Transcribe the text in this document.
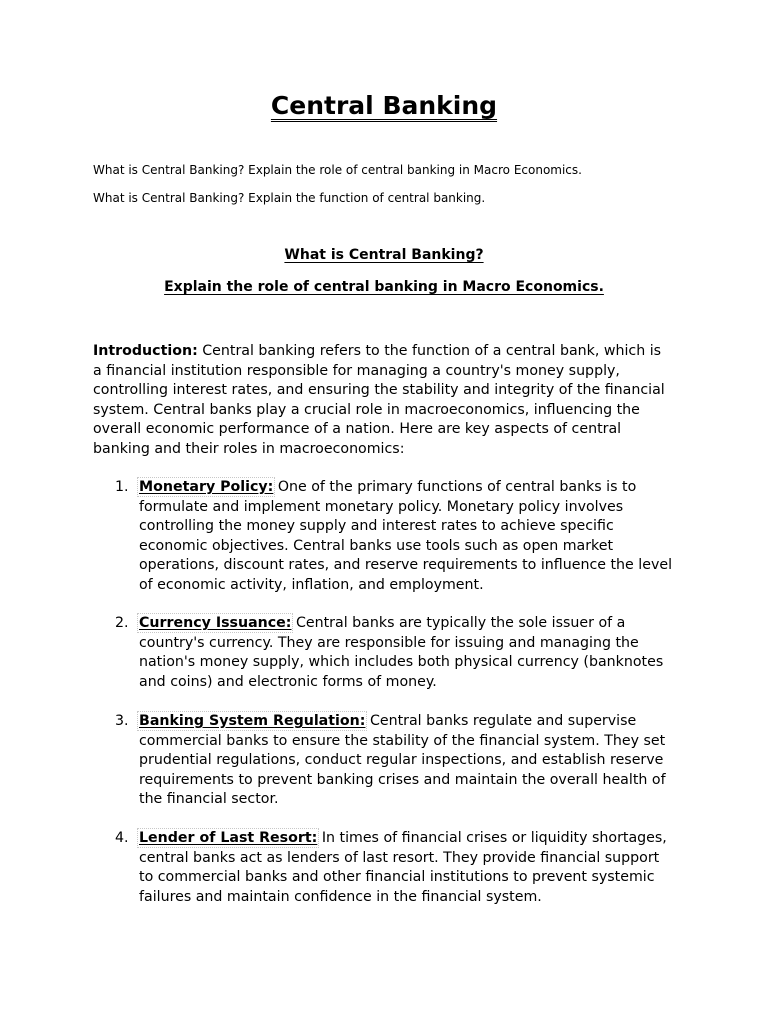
Central Banking
What is Central Banking? Explain the role of central banking in Macro Economics.
What is Central Banking? Explain the function of central banking.
What is Central Banking?
Explain the role of central banking in Macro Economics.

Introduction: Central banking refers to the function of a central bank, which is a financial institution responsible for managing a country's money supply, controlling interest rates, and ensuring the stability and integrity of the financial system. Central banks play a crucial role in macroeconomics, influencing the overall economic performance of a nation. Here are key aspects of central banking and their roles in macroeconomics:

1. Monetary Policy: One of the primary functions of central banks is to formulate and implement monetary policy. Monetary policy involves controlling the money supply and interest rates to achieve specific economic objectives. Central banks use tools such as open market operations, discount rates, and reserve requirements to influence the level of economic activity, inflation, and employment.
2. Currency Issuance: Central banks are typically the sole issuer of a country's currency. They are responsible for issuing and managing the nation's money supply, which includes both physical currency (banknotes and coins) and electronic forms of money.
3. Banking System Regulation: Central banks regulate and supervise commercial banks to ensure the stability of the financial system. They set prudential regulations, conduct regular inspections, and establish reserve requirements to prevent banking crises and maintain the overall health of the financial sector.
4. Lender of Last Resort: In times of financial crises or liquidity shortages, central banks act as lenders of last resort. They provide financial support to commercial banks and other financial institutions to prevent systemic failures and maintain confidence in the financial system.
